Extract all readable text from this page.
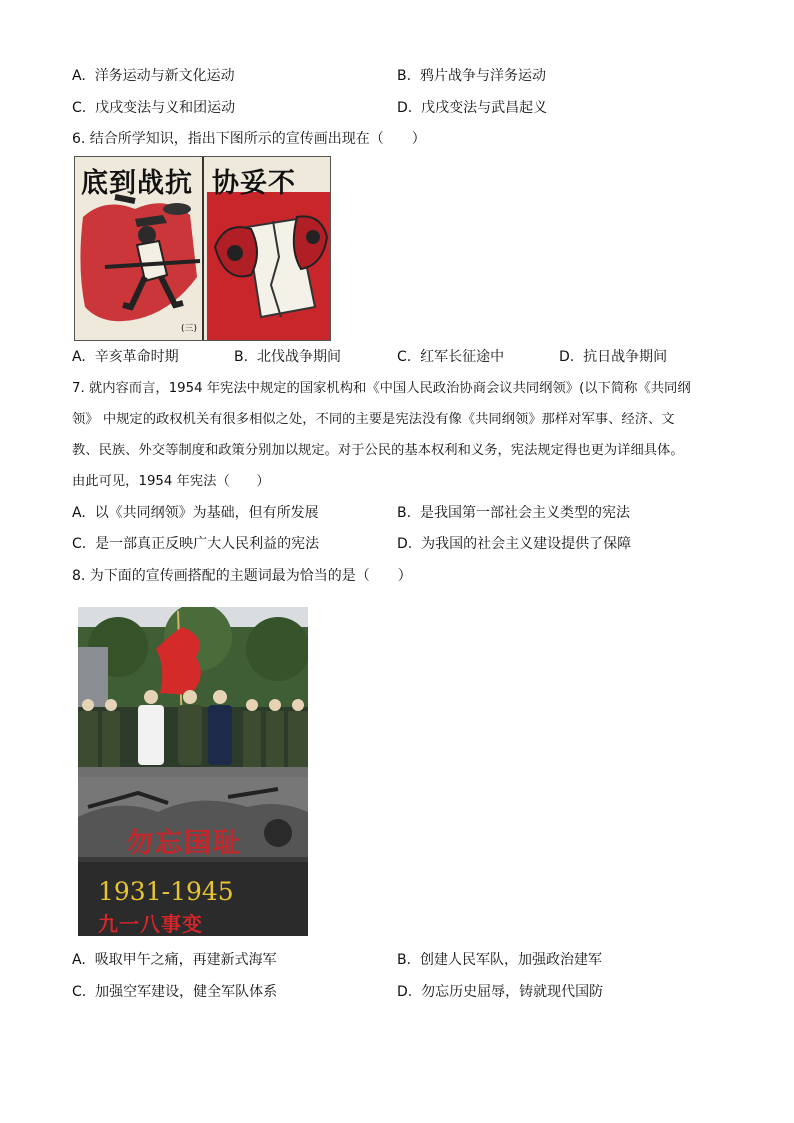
A. 洋务运动与新文化运动	B. 鸦片战争与洋务运动
C. 戊戌变法与义和团运动	D. 戊戌变法与武昌起义
6. 结合所学知识，指出下图所示的宣传画出现在（　　）
底到战抗 协妥不
(三)
A. 辛亥革命时期	B. 北伐战争期间	C. 红军长征途中	D. 抗日战争期间
7. 就内容而言，1954 年宪法中规定的国家机构和《中国人民政治协商会议共同纲领》(以下简称《共同纲
领》 中规定的政权机关有很多相似之处，不同的主要是宪法没有像《共同纲领》那样对军事、经济、文
教、民族、外交等制度和政策分别加以规定。对于公民的基本权利和义务，宪法规定得也更为详细具体。
由此可见，1954 年宪法（　　）
A. 以《共同纲领》为基础，但有所发展	B. 是我国第一部社会主义类型的宪法
C. 是一部真正反映广大人民利益的宪法	D. 为我国的社会主义建设提供了保障
8. 为下面的宣传画搭配的主题词最为恰当的是（　　）
勿忘国耻
1931-1945
九一八事变
A. 吸取甲午之痛，再建新式海军	B. 创建人民军队，加强政治建军
C. 加强空军建设，健全军队体系	D. 勿忘历史屈辱，铸就现代国防
